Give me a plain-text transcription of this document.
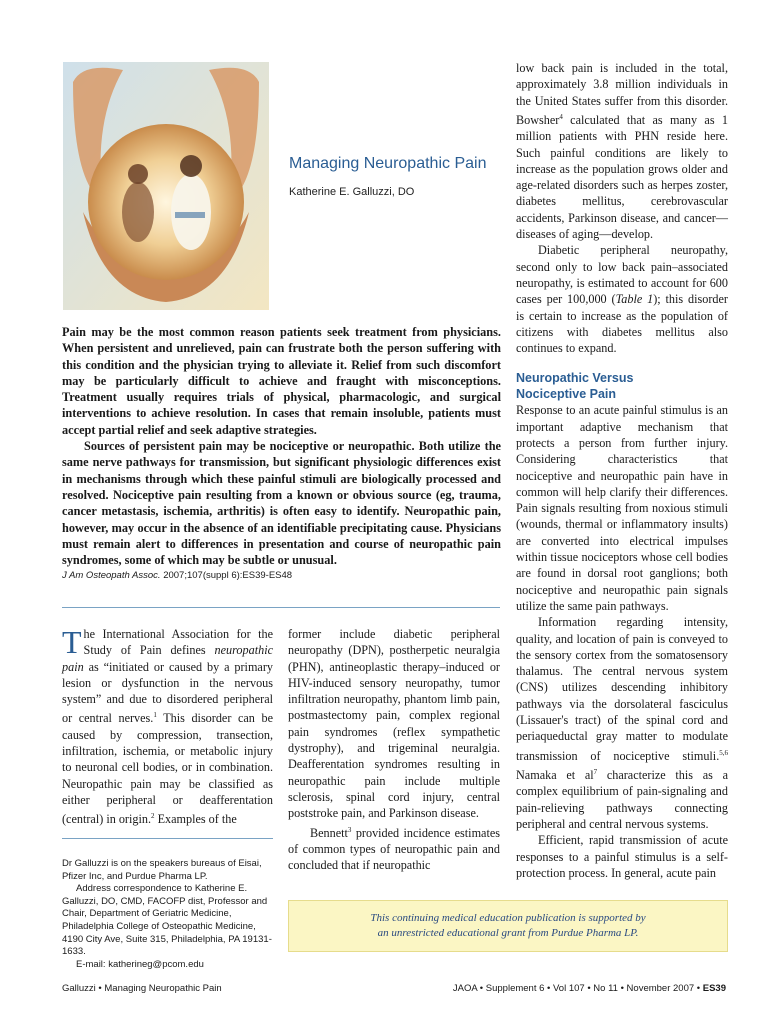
Managing Neuropathic Pain
Katherine E. Galluzzi, DO

Pain may be the most common reason patients seek treatment from physicians. When persistent and unrelieved, pain can frustrate both the person suffering with this condition and the physician trying to alleviate it. Relief from such discomfort may be particularly difficult to achieve and fraught with misconceptions. Treatment usually requires trials of physical, pharmacologic, and surgical interventions to achieve resolution. In cases that remain insoluble, patients must accept partial relief and seek adaptive strategies.

Sources of persistent pain may be nociceptive or neuropathic. Both utilize the same nerve pathways for transmission, but significant physiologic differences exist in mechanisms through which these painful stimuli are biologically processed and resolved. Nociceptive pain resulting from a known or obvious source (eg, trauma, cancer metastasis, ischemia, arthritis) is often easy to identify. Neuropathic pain, however, may occur in the absence of an identifiable precipitating cause. Physicians must remain alert to differences in presentation and course of neuropathic pain syndromes, some of which may be subtle or unusual.

J Am Osteopath Assoc. 2007;107(suppl 6):ES39-ES48

The International Association for the Study of Pain defines neuropathic pain as “initiated or caused by a primary lesion or dysfunction in the nervous system” and due to disordered peripheral or central nerves.$^1$ This disorder can be caused by compression, transection, infiltration, ischemia, or metabolic injury to neuronal cell bodies, or in combination. Neuropathic pain may be classified as either peripheral or deafferentation (central) in origin.$^2$ Examples of the

Dr Galluzzi is on the speakers bureaus of Eisai, Pfizer Inc, and Purdue Pharma LP.

Address correspondence to Katherine E. Galluzzi, DO, CMD, FACOFP dist, Professor and Chair, Department of Geriatric Medicine, Philadelphia College of Osteopathic Medicine, 4190 City Ave, Suite 315, Philadelphia, PA 19131-1633.

E-mail: katherineg@pcom.edu

former include diabetic peripheral neuropathy (DPN), postherpetic neuralgia (PHN), antineoplastic therapy–induced or HIV-induced sensory neuropathy, tumor infiltration neuropathy, phantom limb pain, postmastectomy pain, complex regional pain syndromes (reflex sympathetic dystrophy), and trigeminal neuralgia. Deafferentation syndromes resulting in neuropathic pain include multiple sclerosis, spinal cord injury, central poststroke pain, and Parkinson disease.

Bennett$^3$ provided incidence estimates of common types of neuropathic pain and concluded that if neuropathic

low back pain is included in the total, approximately 3.8 million individuals in the United States suffer from this disorder. Bowsher$^4$ calculated that as many as 1 million patients with PHN reside here. Such painful conditions are likely to increase as the population grows older and age-related disorders such as herpes zoster, diabetes mellitus, cerebrovascular accidents, Parkinson disease, and cancer—diseases of aging—develop.

Diabetic peripheral neuropathy, second only to low back pain–associated neuropathy, is estimated to account for 600 cases per 100,000 (Table 1); this disorder is certain to increase as the population of citizens with diabetes mellitus also continues to expand.

Neuropathic Versus
Nociceptive Pain

Response to an acute painful stimulus is an important adaptive mechanism that protects a person from further injury. Considering characteristics that nociceptive and neuropathic pain have in common will help clarify their differences. Pain signals resulting from noxious stimuli (wounds, thermal or inflammatory insults) are converted into electrical impulses within tissue nociceptors whose cell bodies are found in dorsal root ganglions; both nociceptive and neuropathic pain signals utilize the same pain pathways.

Information regarding intensity, quality, and location of pain is conveyed to the sensory cortex from the somatosensory thalamus. The central nervous system (CNS) utilizes descending inhibitory pathways via the dorsolateral fasciculus (Lissauer's tract) of the spinal cord and periaqueductal gray matter to modulate transmission of nociceptive stimuli.$^{5,6}$ Namaka et $al^7$ characterize this as a complex equilibrium of pain-signaling and pain-relieving pathways connecting peripheral and central nervous systems.

Efficient, rapid transmission of acute responses to a painful stimulus is a self-protection process. In general, acute pain

This continuing medical education publication is supported by
an unrestricted educational grant from Purdue Pharma LP.
Galluzzi • Managing Neuropathic Pain	JAOA • Supplement 6 • Vol 107 • No 11 • November 2007 • ES39
